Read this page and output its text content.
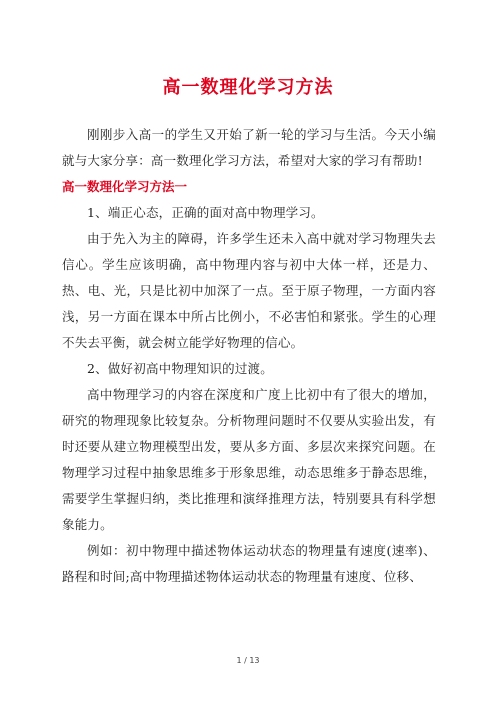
高一数理化学习方法

刚刚步入高一的学生又开始了新一轮的学习与生活。今天小编就与大家分享：高一数理化学习方法，希望对大家的学习有帮助!

高一数理化学习方法一

1、端正心态，正确的面对高中物理学习。

由于先入为主的障碍，许多学生还未入高中就对学习物理失去信心。学生应该明确，高中物理内容与初中大体一样，还是力、热、电、光，只是比初中加深了一点。至于原子物理，一方面内容浅，另一方面在课本中所占比例小，不必害怕和紧张。学生的心理不失去平衡，就会树立能学好物理的信心。

2、做好初高中物理知识的过渡。

高中物理学习的内容在深度和广度上比初中有了很大的增加，研究的物理现象比较复杂。分析物理问题时不仅要从实验出发，有时还要从建立物理模型出发，要从多方面、多层次来探究问题。在物理学习过程中抽象思维多于形象思维，动态思维多于静态思维，需要学生掌握归纳，类比推理和演绎推理方法，特别要具有科学想象能力。

例如：初中物理中描述物体运动状态的物理量有速度(速率)、路程和时间;高中物理描述物体运动状态的物理量有速度、位移、

1 / 13
